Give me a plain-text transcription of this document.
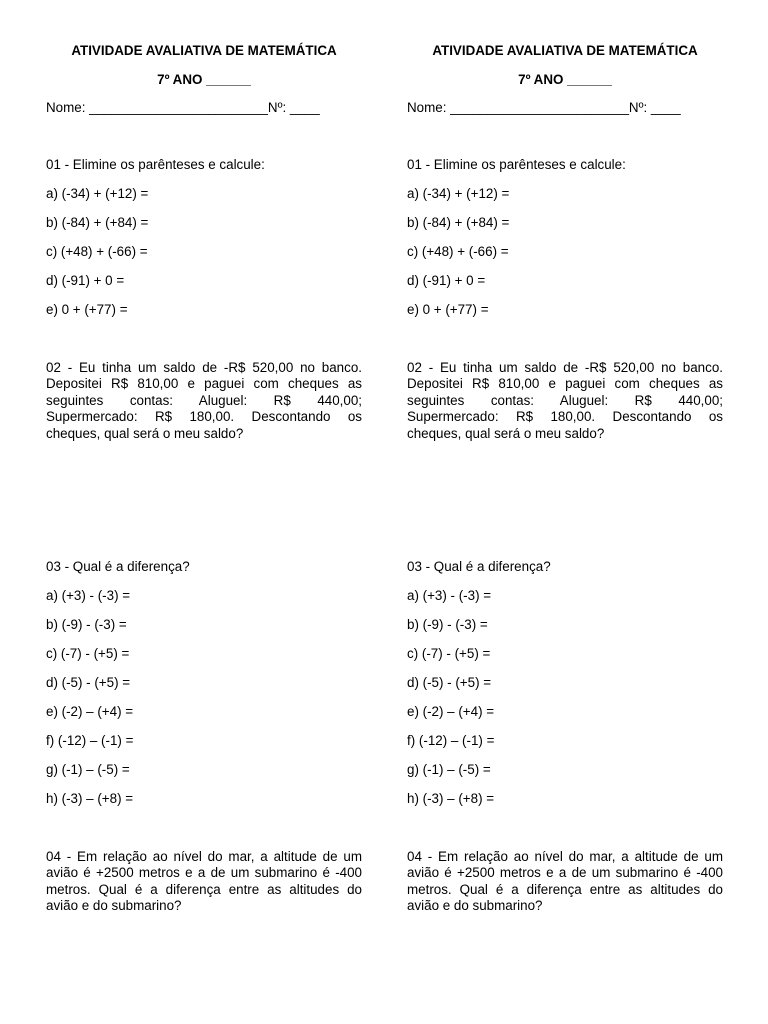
ATIVIDADE AVALIATIVA DE MATEMÁTICA
7º ANO ______
Nome: ________________________Nº: ____
01 - Elimine os parênteses e calcule:
a) (-34) + (+12) =
b) (-84) + (+84) =
c) (+48) + (-66) =
d) (-91) + 0 =
e) 0 + (+77) =

02 - Eu tinha um saldo de -R$ 520,00 no banco. Depositei R$ 810,00 e paguei com cheques as seguintes contas: Aluguel: R$ 440,00; Supermercado: R$ 180,00. Descontando os cheques, qual será o meu saldo?

03 - Qual é a diferença?
a) (+3) - (-3) =
b) (-9) - (-3) =
c) (-7) - (+5) =
d) (-5) - (+5) =
e) (-2) – (+4) =
f) (-12) – (-1) =
g) (-1) – (-5) =
h) (-3) – (+8) =

04 - Em relação ao nível do mar, a altitude de um avião é +2500 metros e a de um submarino é -400 metros. Qual é a diferença entre as altitudes do avião e do submarino?

ATIVIDADE AVALIATIVA DE MATEMÁTICA
7º ANO ______
Nome: ________________________Nº: ____
01 - Elimine os parênteses e calcule:
a) (-34) + (+12) =
b) (-84) + (+84) =
c) (+48) + (-66) =
d) (-91) + 0 =
e) 0 + (+77) =

02 - Eu tinha um saldo de -R$ 520,00 no banco. Depositei R$ 810,00 e paguei com cheques as seguintes contas: Aluguel: R$ 440,00; Supermercado: R$ 180,00. Descontando os cheques, qual será o meu saldo?

03 - Qual é a diferença?
a) (+3) - (-3) =
b) (-9) - (-3) =
c) (-7) - (+5) =
d) (-5) - (+5) =
e) (-2) – (+4) =
f) (-12) – (-1) =
g) (-1) – (-5) =
h) (-3) – (+8) =

04 - Em relação ao nível do mar, a altitude de um avião é +2500 metros e a de um submarino é -400 metros. Qual é a diferença entre as altitudes do avião e do submarino?
